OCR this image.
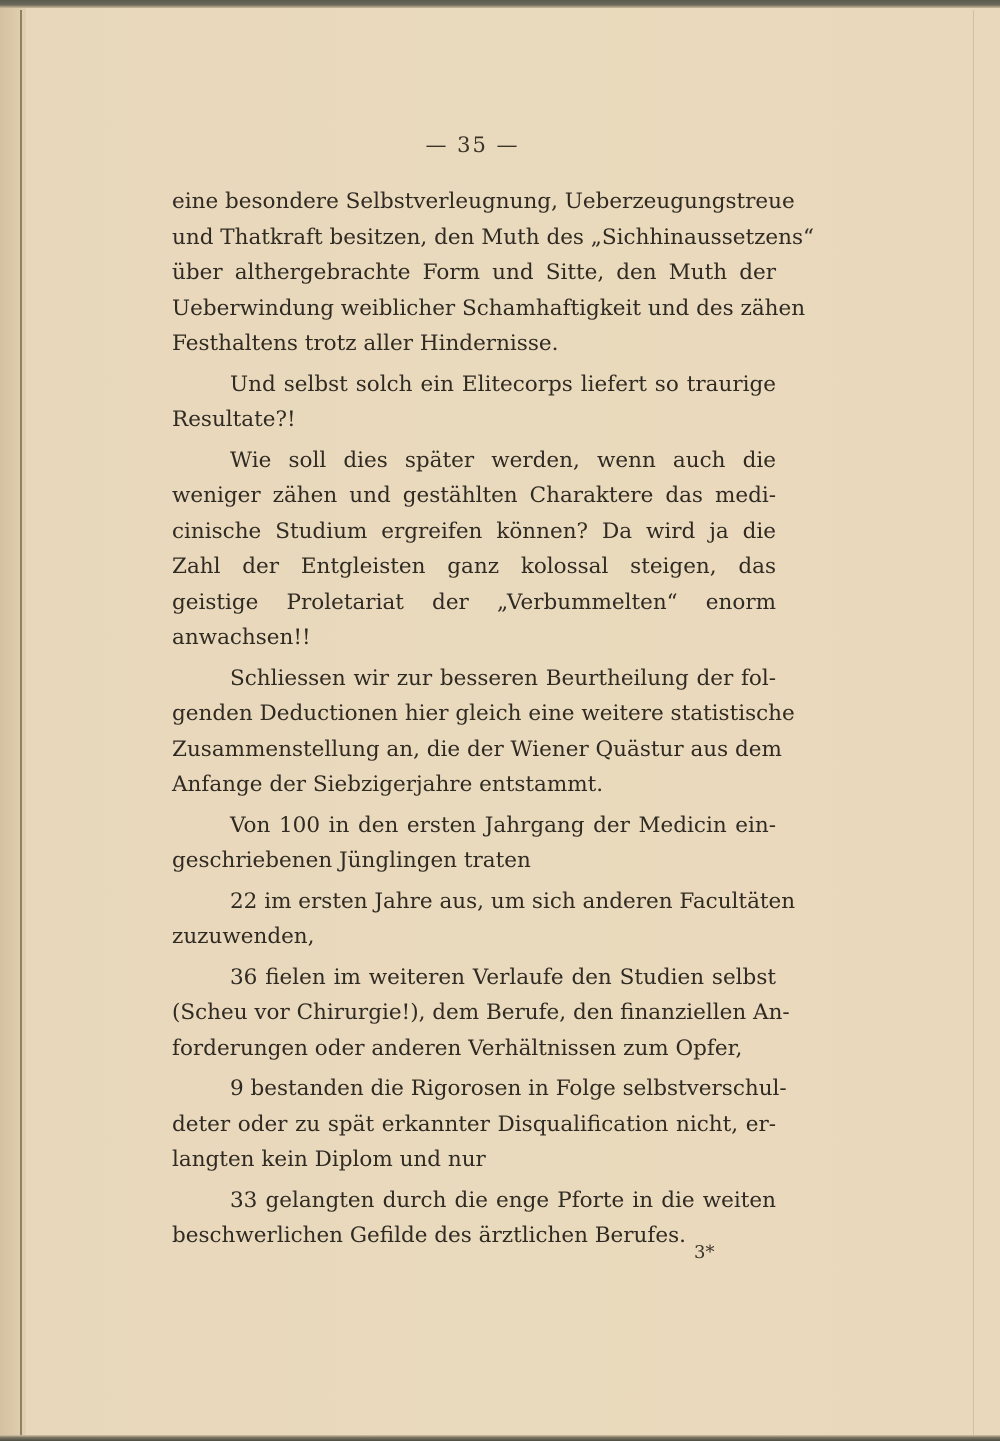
— 35 —
eine besondere Selbstverleugnung, Ueberzeugungstreue
und Thatkraft besitzen, den Muth des „Sichhinaussetzens“
über althergebrachte Form und Sitte, den Muth der
Ueberwindung weiblicher Schamhaftigkeit und des zähen
Festhaltens trotz aller Hindernisse.
Und selbst solch ein Elitecorps liefert so traurige
Resultate?!
Wie soll dies später werden, wenn auch die
weniger zähen und gestählten Charaktere das medi-
cinische Studium ergreifen können? Da wird ja die
Zahl der Entgleisten ganz kolossal steigen, das
geistige Proletariat der „Verbummelten“ enorm
anwachsen!!
Schliessen wir zur besseren Beurtheilung der fol-
genden Deductionen hier gleich eine weitere statistische
Zusammenstellung an, die der Wiener Quästur aus dem
Anfange der Siebzigerjahre entstammt.
Von 100 in den ersten Jahrgang der Medicin ein-
geschriebenen Jünglingen traten
22 im ersten Jahre aus, um sich anderen Facultäten
zuzuwenden,
36 fielen im weiteren Verlaufe den Studien selbst
(Scheu vor Chirurgie!), dem Berufe, den finanziellen An-
forderungen oder anderen Verhältnissen zum Opfer,
9 bestanden die Rigorosen in Folge selbstverschul-
deter oder zu spät erkannter Disqualification nicht, er-
langten kein Diplom und nur
33 gelangten durch die enge Pforte in die weiten
beschwerlichen Gefilde des ärztlichen Berufes.
3*
